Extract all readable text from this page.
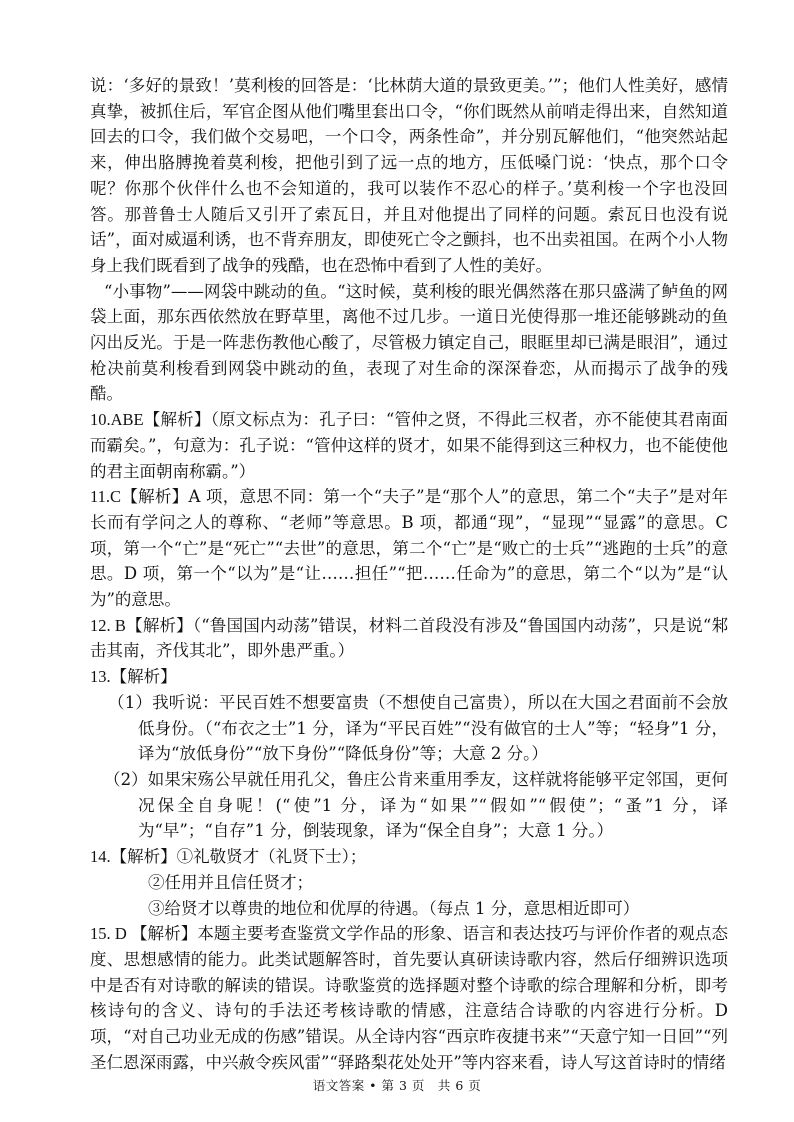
说：‘多好的景致！’莫利梭的回答是：‘比林荫大道的景致更美。’”；他们人性美好，感情真挚，被抓住后，军官企图从他们嘴里套出口令，“你们既然从前哨走得出来，自然知道回去的口令，我们做个交易吧，一个口令，两条性命”，并分别瓦解他们，“他突然站起来，伸出胳膊挽着莫利梭，把他引到了远一点的地方，压低嗓门说：‘快点，那个口令呢？你那个伙伴什么也不会知道的，我可以装作不忍心的样子。’莫利梭一个字也没回答。那普鲁士人随后又引开了索瓦日，并且对他提出了同样的问题。索瓦日也没有说话”，面对威逼利诱，也不背弃朋友，即使死亡令之颤抖，也不出卖祖国。在两个小人物身上我们既看到了战争的残酷，也在恐怖中看到了人性的美好。

“小事物”——网袋中跳动的鱼。“这时候，莫利梭的眼光偶然落在那只盛满了鲈鱼的网袋上面，那东西依然放在野草里，离他不过几步。一道日光使得那一堆还能够跳动的鱼闪出反光。于是一阵悲伤教他心酸了，尽管极力镇定自己，眼眶里却已满是眼泪”，通过枪决前莫利梭看到网袋中跳动的鱼，表现了对生命的深深眷恋，从而揭示了战争的残酷。

10.ABE【解析】（原文标点为：孔子曰：“管仲之贤，不得此三权者，亦不能使其君南面而霸矣。”，句意为：孔子说：“管仲这样的贤才，如果不能得到这三种权力，也不能使他的君主面朝南称霸。”）
11.C【解析】A 项，意思不同：第一个“夫子”是“那个人”的意思，第二个“夫子”是对年长而有学问之人的尊称、“老师”等意思。B 项，都通“现”，“显现”“显露”的意思。C 项，第一个“亡”是“死亡”“去世”的意思，第二个“亡”是“败亡的士兵”“逃跑的士兵”的意思。D 项，第一个“以为”是“让……担任”“把……任命为”的意思，第二个“以为”是“认为”的意思。
12. B【解析】（“鲁国国内动荡”错误，材料二首段没有涉及“鲁国国内动荡”，只是说“邾击其南，齐伐其北”，即外患严重。）
13.【解析】

（1）我听说：平民百姓不想要富贵（不想使自己富贵），所以在大国之君面前不会放低身份。（“布衣之士”1 分，译为“平民百姓”“没有做官的士人”等；“轻身”1 分，译为“放低身份”“放下身份”“降低身份”等；大意 2 分。）

（2）如果宋殇公早就任用孔父，鲁庄公肯来重用季友，这样就将能够平定邻国，更何况保全自身呢！(“使”1 分，译为“如果”“假如”“假使”；“蚤”1 分，译为“早”；“自存”1 分，倒装现象，译为“保全自身”；大意 1 分。）

14.【解析】①礼敬贤才（礼贤下士）；

②任用并且信任贤才；

③给贤才以尊贵的地位和优厚的待遇。（每点 1 分，意思相近即可）

15. D 【解析】本题主要考查鉴赏文学作品的形象、语言和表达技巧与评价作者的观点态度、思想感情的能力。此类试题解答时，首先要认真研读诗歌内容，然后仔细辨识选项中是否有对诗歌的解读的错误。诗歌鉴赏的选择题对整个诗歌的综合理解和分析，即考核诗句的含义、诗句的手法还考核诗歌的情感，注意结合诗歌的内容进行分析。D 项，“对自己功业无成的伤感”错误。从全诗内容“西京昨夜捷书来”“天意宁知一日回”“列圣仁恩深雨露，中兴赦令疾风雷”“驿路梨花处处开”等内容来看，诗人写这首诗时的情绪
语文答案 • 第 3 页　共 6 页
